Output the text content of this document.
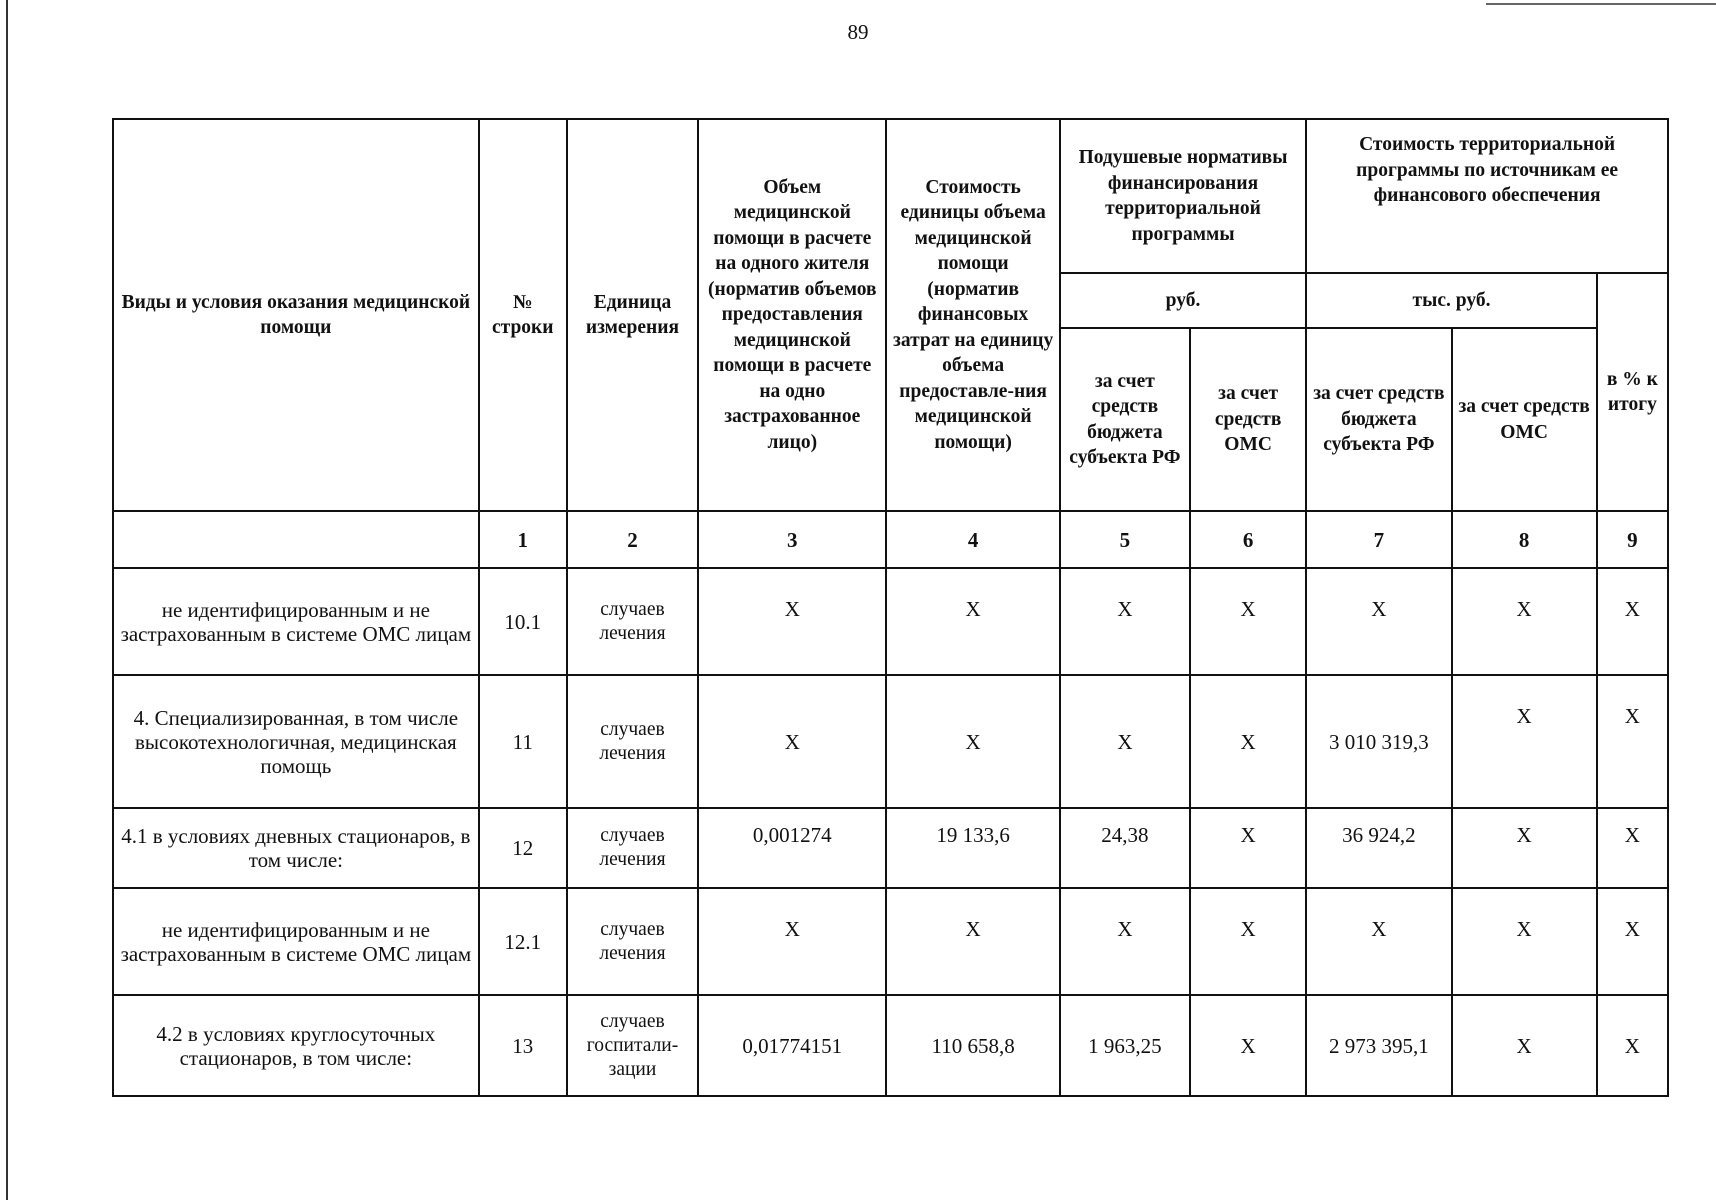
89
Виды и условия оказания медицинской помощи	№ строки	Единица измерения	Объем медицинской помощи в расчете на одного жителя (норматив объемов предоставления медицинской помощи в расчете на одно застрахованное лицо)	Стоимость единицы объема медицинской помощи (норматив финансовых затрат на единицу объема предоставле-ния медицинской помощи)	Подушевые нормативы финансирования территориальной программы		Стоимость территориальной программы по источникам ее финансового обеспечения		
					руб.		тыс. руб.		в % к итогу
					за счет средств бюджета субъекта РФ	за счет средств ОМС	за счет средств бюджета субъекта РФ	за счет средств ОМС	
	1	2	3	4	5	6	7	8	9
не идентифицированным и не застрахованным в системе ОМС лицам	10.1	случаев лечения	Х	Х	Х	Х	Х	Х	Х
4. Специализированная, в том числе высокотехнологичная, медицинская помощь	11	случаев лечения	Х	Х	Х	Х	3 010 319,3	Х	Х
4.1 в условиях дневных стационаров, в том числе:	12	случаев лечения	0,001274	19 133,6	24,38	Х	36 924,2	Х	Х
не идентифицированным и не застрахованным в системе ОМС лицам	12.1	случаев лечения	Х	Х	Х	Х	Х	Х	Х
4.2 в условиях круглосуточных стационаров, в том числе:	13	случаев госпитали-зации	0,01774151	110 658,8	1 963,25	Х	2 973 395,1	Х	Х
